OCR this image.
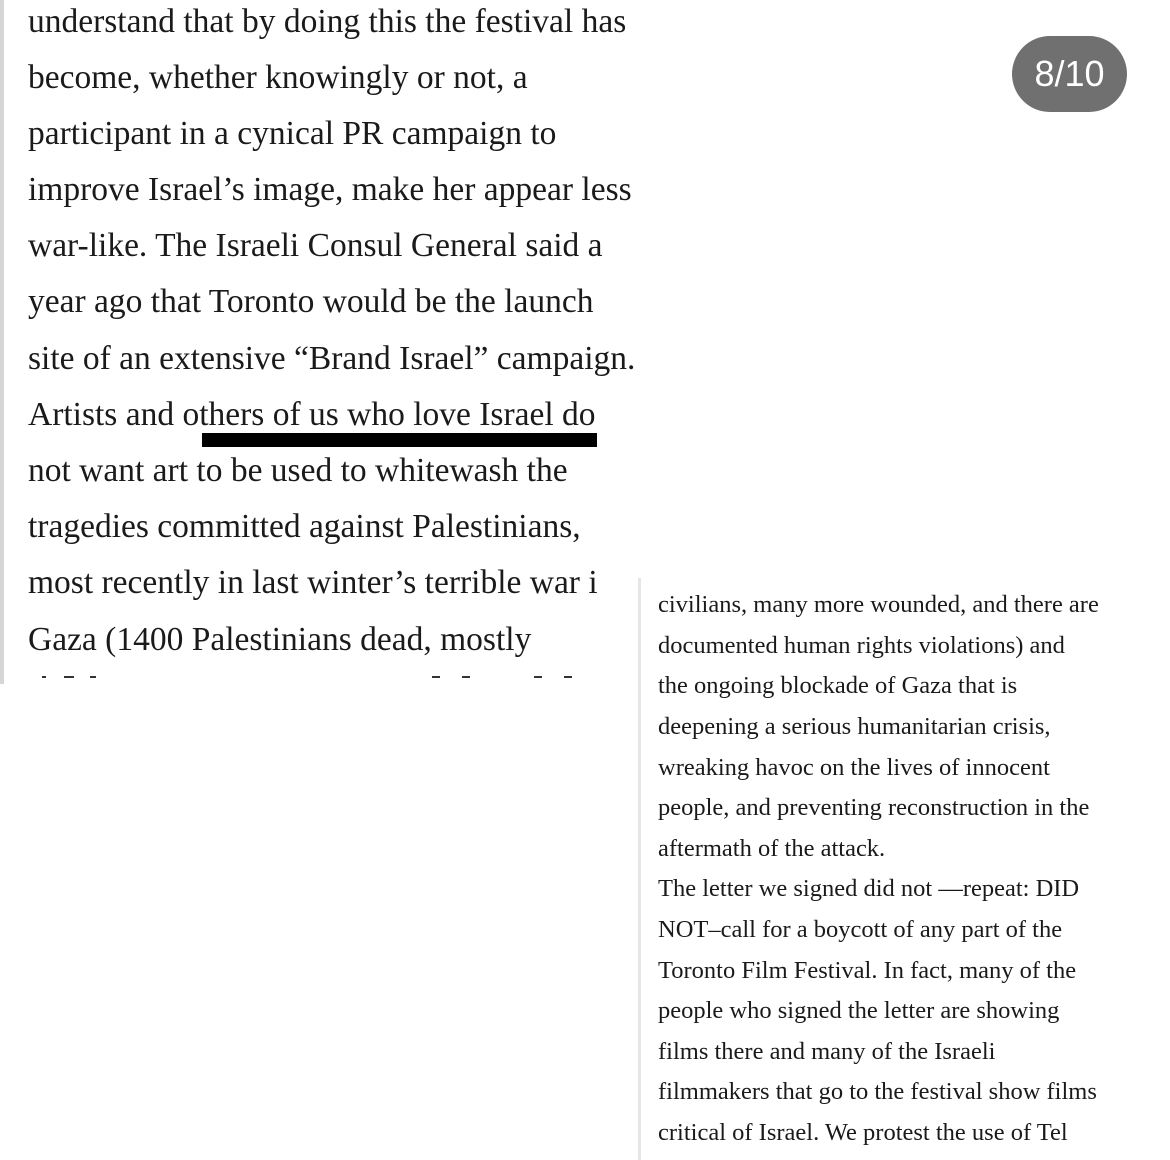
understand that by doing this the festival has
become, whether knowingly or not, a
participant in a cynical PR campaign to
improve Israel’s image, make her appear less
war-like. The Israeli Consul General said a
year ago that Toronto would be the launch
site of an extensive “Brand Israel” campaign.
Artists and others of us who love Israel do
not want art to be used to whitewash the
tragedies committed against Palestinians,
most recently in last winter’s terrible war i
Gaza (1400 Palestinians dead, mostly
8/10
civilians, many more wounded, and there are
documented human rights violations) and
the ongoing blockade of Gaza that is
deepening a serious humanitarian crisis,
wreaking havoc on the lives of innocent
people, and preventing reconstruction in the
aftermath of the attack.
The letter we signed did not —repeat: DID
NOT–call for a boycott of any part of the
Toronto Film Festival. In fact, many of the
people who signed the letter are showing
films there and many of the Israeli
filmmakers that go to the festival show films
critical of Israel. We protest the use of Tel
